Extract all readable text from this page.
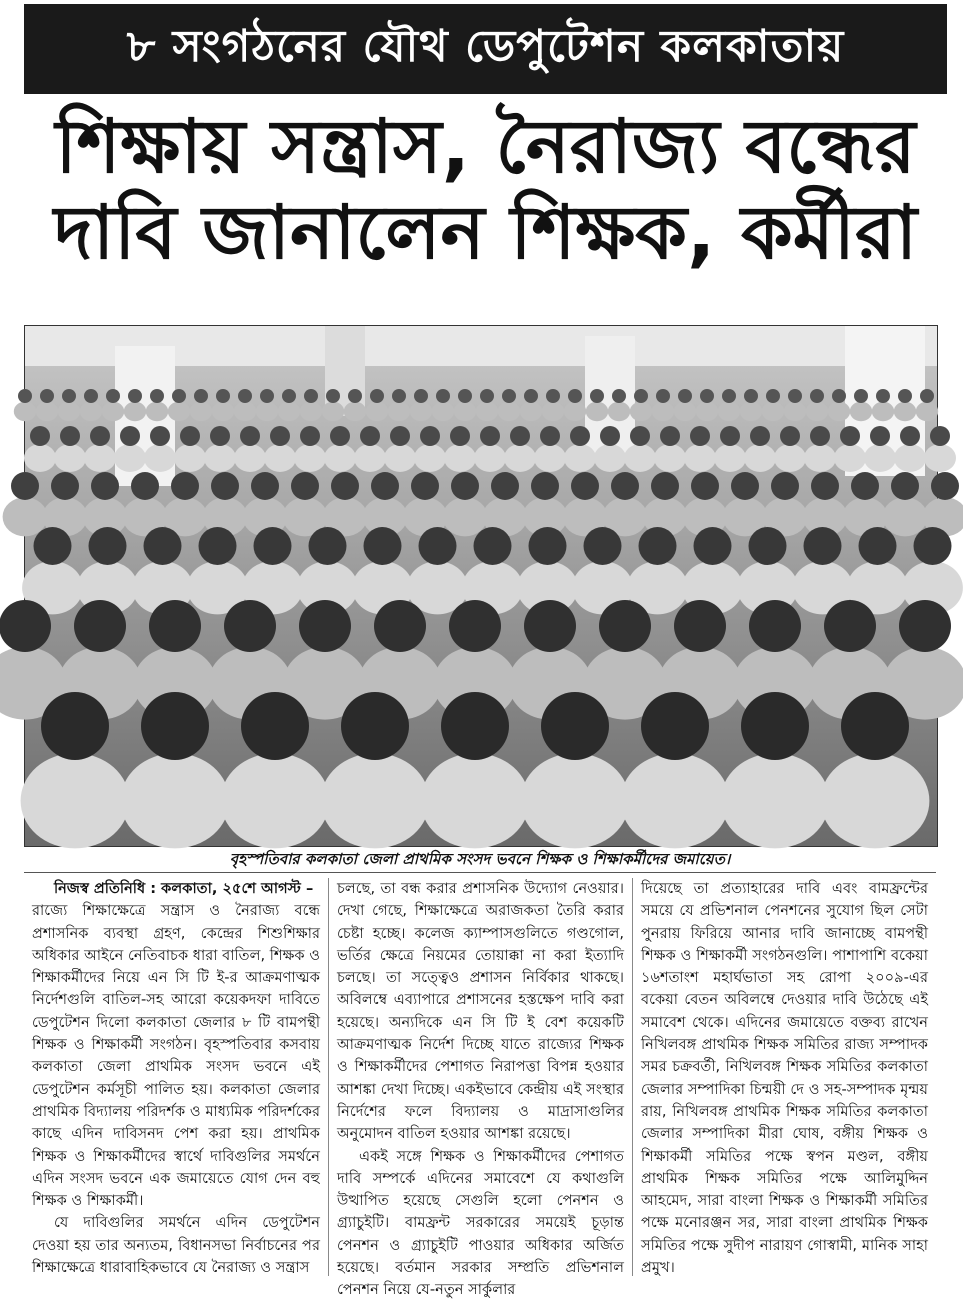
৮ সংগঠনের যৌথ ডেপুটেশন কলকাতায়
শিক্ষায় সন্ত্রাস, নৈরাজ্য বন্ধের
দাবি জানালেন শিক্ষক, কর্মীরা
বৃহস্পতিবার কলকাতা জেলা প্রাথমিক সংসদ ভবনে শিক্ষক ও শিক্ষাকর্মীদের জমায়েত।

নিজস্ব প্রতিনিধি : কলকাতা, ২৫শে আগস্ট –

রাজ্যে শিক্ষাক্ষেত্রে সন্ত্রাস ও নৈরাজ্য বন্ধে প্রশাসনিক ব্যবস্থা গ্রহণ, কেন্দ্রের শিশুশিক্ষার অধিকার আইনে নেতিবাচক ধারা বাতিল, শিক্ষক ও শিক্ষাকর্মীদের নিয়ে এন সি টি ই-র আক্রমণাত্মক নির্দেশগুলি বাতিল-সহ আরো কয়েকদফা দাবিতে ডেপুটেশন দিলো কলকাতা জেলার ৮ টি বামপন্থী শিক্ষক ও শিক্ষাকর্মী সংগঠন। বৃহস্পতিবার কসবায় কলকাতা জেলা প্রাথমিক সংসদ ভবনে এই ডেপুটেশন কর্মসূচী পালিত হয়। কলকাতা জেলার প্রাথমিক বিদ্যালয় পরিদর্শক ও মাধ্যমিক পরিদর্শকের কাছে এদিন দাবিসনদ পেশ করা হয়। প্রাথমিক শিক্ষক ও শিক্ষাকর্মীদের স্বার্থে দাবিগুলির সমর্থনে এদিন সংসদ ভবনে এক জমায়েতে যোগ দেন বহু শিক্ষক ও শিক্ষাকর্মী।

যে দাবিগুলির সমর্থনে এদিন ডেপুটেশন দেওয়া হয় তার অন্যতম, বিধানসভা নির্বাচনের পর শিক্ষাক্ষেত্রে ধারাবাহিকভাবে যে নৈরাজ্য ও সন্ত্রাস

চলছে, তা বন্ধ করার প্রশাসনিক উদ্যোগ নেওয়ার। দেখা গেছে, শিক্ষাক্ষেত্রে অরাজকতা তৈরি করার চেষ্টা হচ্ছে। কলেজ ক্যাম্পাসগুলিতে গণ্ডগোল, ভর্তির ক্ষেত্রে নিয়মের তোয়াক্কা না করা ইত্যাদি চলছে। তা সত্ত্বেও প্রশাসন নির্বিকার থাকছে। অবিলম্বে এব্যাপারে প্রশাসনের হস্তক্ষেপ দাবি করা হয়েছে। অন্যদিকে এন সি টি ই বেশ কয়েকটি আক্রমণাত্মক নির্দেশ দিচ্ছে যাতে রাজ্যের শিক্ষক ও শিক্ষাকর্মীদের পেশাগত নিরাপত্তা বিপন্ন হওয়ার আশঙ্কা দেখা দিচ্ছে। একইভাবে কেন্দ্রীয় এই সংস্থার নির্দেশের ফলে বিদ্যালয় ও মাদ্রাসাগুলির অনুমোদন বাতিল হওয়ার আশঙ্কা রয়েছে।

একই সঙ্গে শিক্ষক ও শিক্ষাকর্মীদের পেশাগত দাবি সম্পর্কে এদিনের সমাবেশে যে কথাগুলি উত্থাপিত হয়েছে সেগুলি হলো পেনশন ও গ্র্যাচুইটি। বামফ্রন্ট সরকারের সময়েই চূড়ান্ত পেনশন ও গ্র্যাচুইটি পাওয়ার অধিকার অর্জিত হয়েছে। বর্তমান সরকার সম্প্রতি প্রভিশনাল পেনশন নিয়ে যে-নতুন সার্কুলার

দিয়েছে তা প্রত্যাহারের দাবি এবং বামফ্রন্টের সময়ে যে প্রভিশনাল পেনশনের সুযোগ ছিল সেটা পুনরায় ফিরিয়ে আনার দাবি জানাচ্ছে বামপন্থী শিক্ষক ও শিক্ষাকর্মী সংগঠনগুলি। পাশাপাশি বকেয়া ১৬শতাংশ মহার্ঘভাতা সহ রোপা ২০০৯-এর বকেয়া বেতন অবিলম্বে দেওয়ার দাবি উঠেছে এই সমাবেশ থেকে। এদিনের জমায়েতে বক্তব্য রাখেন নিখিলবঙ্গ প্রাথমিক শিক্ষক সমিতির রাজ্য সম্পাদক সমর চক্রবর্তী, নিখিলবঙ্গ শিক্ষক সমিতির কলকাতা জেলার সম্পাদিকা চিন্ময়ী দে ও সহ-সম্পাদক মৃন্ময় রায়, নিখিলবঙ্গ প্রাথমিক শিক্ষক সমিতির কলকাতা জেলার সম্পাদিকা মীরা ঘোষ, বঙ্গীয় শিক্ষক ও শিক্ষাকর্মী সমিতির পক্ষে স্বপন মণ্ডল, বঙ্গীয় প্রাথমিক শিক্ষক সমিতির পক্ষে আলিমুদ্দিন আহমেদ, সারা বাংলা শিক্ষক ও শিক্ষাকর্মী সমিতির পক্ষে মনোরঞ্জন সর, সারা বাংলা প্রাথমিক শিক্ষক সমিতির পক্ষে সুদীপ নারায়ণ গোস্বামী, মানিক সাহা প্রমুখ।
